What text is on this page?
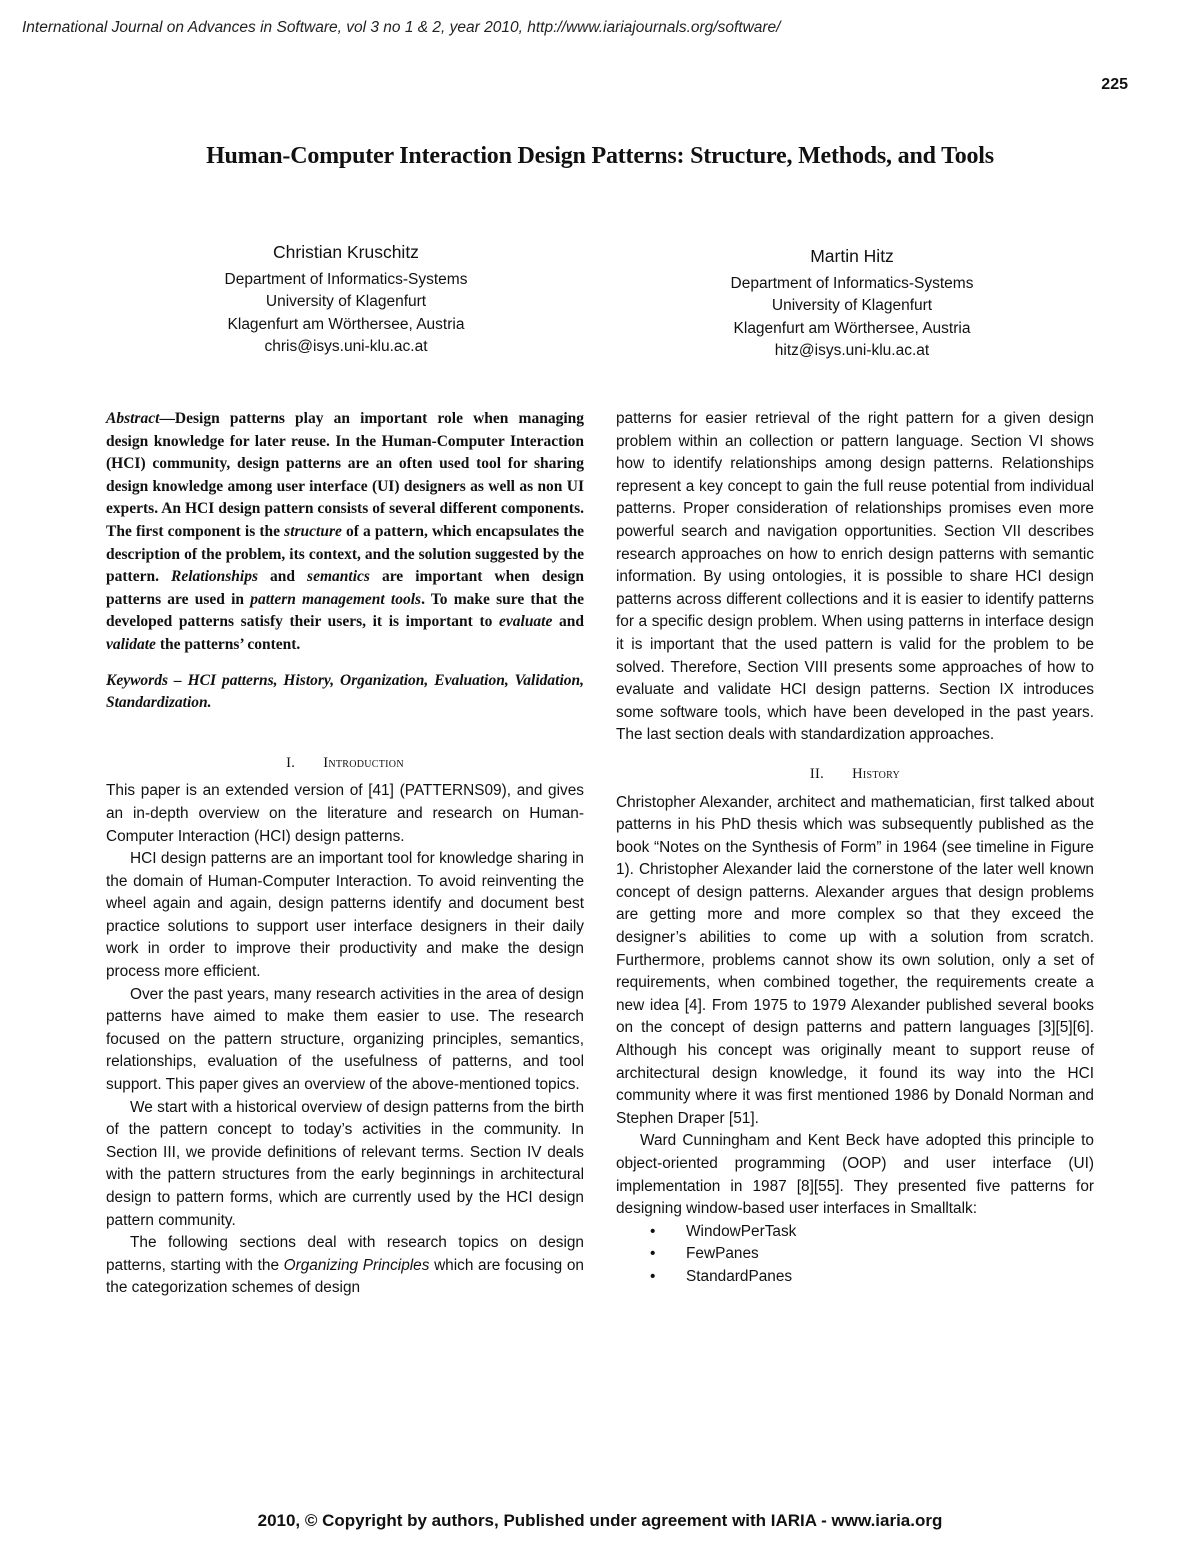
International Journal on Advances in Software, vol 3 no 1 & 2, year 2010, http://www.iariajournals.org/software/
225
Human-Computer Interaction Design Patterns: Structure, Methods, and Tools
Christian Kruschitz
Department of Informatics-Systems
University of Klagenfurt
Klagenfurt am Wörthersee, Austria
chris@isys.uni-klu.ac.at
Martin Hitz
Department of Informatics-Systems
University of Klagenfurt
Klagenfurt am Wörthersee, Austria
hitz@isys.uni-klu.ac.at

Abstract—Design patterns play an important role when managing design knowledge for later reuse. In the Human-Computer Interaction (HCI) community, design patterns are an often used tool for sharing design knowledge among user interface (UI) designers as well as non UI experts. An HCI design pattern consists of several different components. The first component is the structure of a pattern, which encapsulates the description of the problem, its context, and the solution suggested by the pattern. Relationships and semantics are important when design patterns are used in pattern management tools. To make sure that the developed patterns satisfy their users, it is important to evaluate and validate the patterns’ content.

Keywords – HCI patterns, History, Organization, Evaluation, Validation, Standardization.

I. Introduction

This paper is an extended version of [41] (PATTERNS09), and gives an in-depth overview on the literature and research on Human-Computer Interaction (HCI) design patterns.

HCI design patterns are an important tool for knowledge sharing in the domain of Human-Computer Interaction. To avoid reinventing the wheel again and again, design patterns identify and document best practice solutions to support user interface designers in their daily work in order to improve their productivity and make the design process more efficient.

Over the past years, many research activities in the area of design patterns have aimed to make them easier to use. The research focused on the pattern structure, organizing principles, semantics, relationships, evaluation of the usefulness of patterns, and tool support. This paper gives an overview of the above-mentioned topics.

We start with a historical overview of design patterns from the birth of the pattern concept to today’s activities in the community. In Section III, we provide definitions of relevant terms. Section IV deals with the pattern structures from the early beginnings in architectural design to pattern forms, which are currently used by the HCI design pattern community.

The following sections deal with research topics on design patterns, starting with the Organizing Principles which are focusing on the categorization schemes of design

patterns for easier retrieval of the right pattern for a given design problem within an collection or pattern language. Section VI shows how to identify relationships among design patterns. Relationships represent a key concept to gain the full reuse potential from individual patterns. Proper consideration of relationships promises even more powerful search and navigation opportunities. Section VII describes research approaches on how to enrich design patterns with semantic information. By using ontologies, it is possible to share HCI design patterns across different collections and it is easier to identify patterns for a specific design problem. When using patterns in interface design it is important that the used pattern is valid for the problem to be solved. Therefore, Section VIII presents some approaches of how to evaluate and validate HCI design patterns. Section IX introduces some software tools, which have been developed in the past years. The last section deals with standardization approaches.

II. History

Christopher Alexander, architect and mathematician, first talked about patterns in his PhD thesis which was subsequently published as the book “Notes on the Synthesis of Form” in 1964 (see timeline in Figure 1). Christopher Alexander laid the cornerstone of the later well known concept of design patterns. Alexander argues that design problems are getting more and more complex so that they exceed the designer’s abilities to come up with a solution from scratch. Furthermore, problems cannot show its own solution, only a set of requirements, when combined together, the requirements create a new idea [4]. From 1975 to 1979 Alexander published several books on the concept of design patterns and pattern languages [3][5][6]. Although his concept was originally meant to support reuse of architectural design knowledge, it found its way into the HCI community where it was first mentioned 1986 by Donald Norman and Stephen Draper [51].

Ward Cunningham and Kent Beck have adopted this principle to object-oriented programming (OOP) and user interface (UI) implementation in 1987 [8][55]. They presented five patterns for designing window-based user interfaces in Smalltalk:

• WindowPerTask
• FewPanes
• StandardPanes
2010, © Copyright by authors, Published under agreement with IARIA - www.iaria.org
